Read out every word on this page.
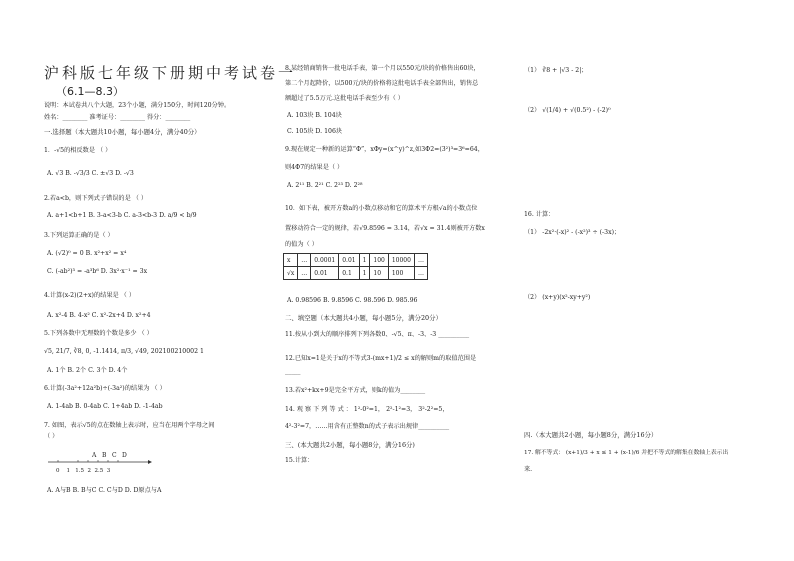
沪科版七年级下册期中考试卷一
（6.1—8.3）
说明：本试卷共八个大题，23个小题，满分150分，时间120分钟。
姓名：________ 准考证号：________ 得分：________
一.选择题（本大题共10小题，每小题4分，满分40分）
1．-√5的相反数是 （ ）
A. √3 B. -√3/3 C. ±√3 D. -√3
2.若a<b，则下列式子错误的是 （ ）
A. a+1<b+1 B. 3-a<3-b C. a-3<b-3 D. a/9 < b/9
3.下列运算正确的是（ ）
A. (√2)⁰ = 0 B. x²+x² = x⁴
C. (-ab²)³ = -a³b⁶ D. 3x²·x⁻¹ = 3x
4.计算(x-2)(2+x)的结果是 （ ）
A. x²-4 B. 4-x² C. x²-2x+4 D. x²+4
5.下列各数中无理数的个数是多少 （ ）
√5, 21/7, ∛8, 0, -1.1414, π/3, √49, 202100210002 1
A. 1个 B. 2个 C. 3个 D. 4个
6.计算(-3a²+12a²b)÷(-3a²)的结果为 （ ）
A. 1-4ab B. 0-4ab C. 1+4ab D. -1-4ab
7. 如图，表示√5的点在数轴上表示时，应当在用两个字母之间
（ ）
A B C D
0    1   1.5  2  2.5  3
A. A与B B. B与C C. C与D D. D原点与A
8.某经销商销售一批电话手表，第一个月以550元/块的价格售出60块，
第二个月起降价，以500元/块的价格将这批电话手表全部售出，销售总
额超过了5.5万元.这批电话手表至少有（ ）
A. 103块 B. 104块
C. 105块 D. 106块
9.现在规定一种新的运算“Φ”，xΦy=(x^y)^z,如3Φ2=(3²)³=3⁶=64，
则4Φ7的结果是（ ）
A. 2¹¹ B. 2²¹ C. 2²³ D. 2²⁸
10．如下表，被开方数a的小数点移动和它的算术平方根√a的小数点位
置移动符合一定的规律，若√9.8596 = 3.14，若√x = 31.4则被开方数x
的值为（ ）
x	…	0.0001	0.01	1	100	10000	…
√x	…	0.01	0.1	1	10	100	…
A. 0.98596 B. 9.8596 C. 98.596 D. 985.96
二、填空题（本大题共4小题，每小题5分，满分20分）
11.按从小到大的顺序排列下列各数0、-√5、π、-3、-3 __________
12.已知x=1是关于x的不等式3-(mx+1)/2 ≤ x的解则m的取值范围是
_____
13.若x²+kx+9是完全平方式，则k的值为________
14. 观 察 下 列 等 式 ： 1²-0²=1， 2²-1²=3， 3²-2²=5，
4²-3²=7，……用含有正整数n的式子表示出规律__________
三、(本大题共2小题，每小题8分，满分16分)
15.计算：
（1） ∛8 + |√3 - 2|；
（2） √(1/4) + √(0.5²) - (-2)⁰
16. 计算：
（1） -2x²·(-x)² - (-x²)³ ÷ (-3x)；
（2） (x+y)(x²-xy+y²)
四.（本大题共2小题，每小题8分，满分16分）
17. 解不等式： (x+1)/3 + x ≤ 1 + (x-1)/6 并把不等式的解集在数轴上表示出
来.
